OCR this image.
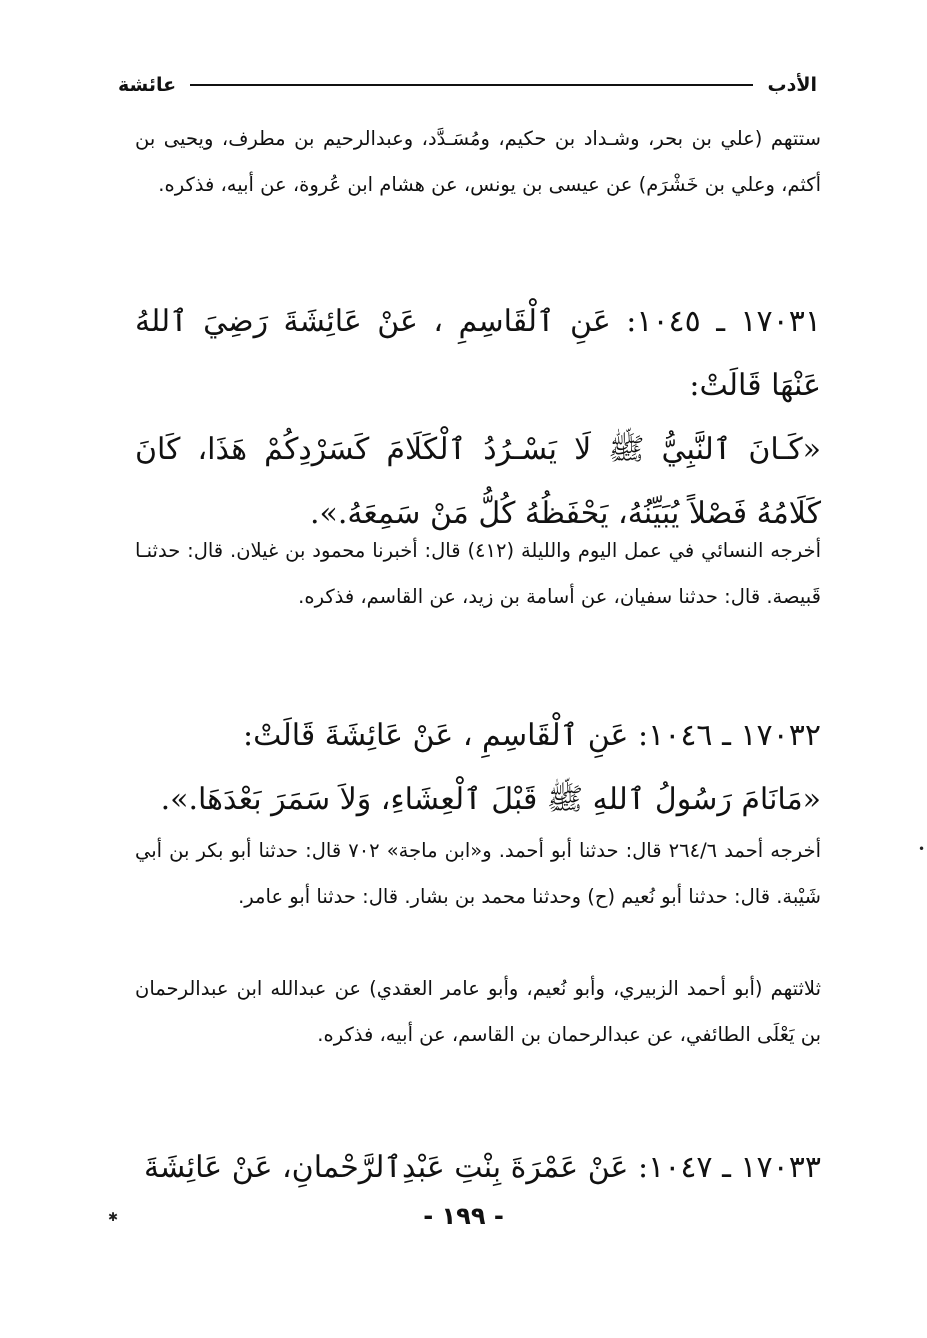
الأدب
عائشة

ستتهم (علي بن بحر، وشـداد بن حكيم، ومُسَـدَّد، وعبدالرحيم بن مطرف، ويحيى بن أكثم، وعلي بن خَشْرَم) عن عيسى بن يونس، عن هشام ابن عُروة، عن أبيه، فذكره.

١٧٠٣١ ـ ١٠٤٥: عَنِ ٱلْقَاسِمِ ، عَنْ عَائِشَةَ رَضِيَ ٱللهُ عَنْهَا قَالَتْ:

«كَـانَ ٱلنَّبِيُّ ﷺ لَا يَسْـرُدُ ٱلْكَلَامَ كَسَرْدِكُمْ هَذَا، كَانَ كَلَامُهُ فَصْلاً يُبَيِّنُهُ، يَحْفَظُهُ كُلُّ مَنْ سَمِعَهُ.».

أخرجه النسائي في عمل اليوم والليلة (٤١٢) قال: أخبرنا محمود بن غيلان. قال: حدثنـا قَبيصة. قال: حدثنا سفيان، عن أسامة بن زيد، عن القاسم، فذكره.

١٧٠٣٢ ـ ١٠٤٦: عَنِ ٱلْقَاسِمِ ، عَنْ عَائِشَةَ قَالَتْ:

«مَانَامَ رَسُولُ ٱللهِ ﷺ قَبْلَ ٱلْعِشَاءِ، وَلاَ سَمَرَ بَعْدَهَا.».

أخرجه أحمد ٢٦٤/٦ قال: حدثنا أبو أحمد. و«ابن ماجة» ٧٠٢ قال: حدثنا أبو بكر بن أبي شَيْبة. قال: حدثنا أبو نُعيم (ح) وحدثنا محمد بن بشار. قال: حدثنا أبو عامر.

ثلاثتهم (أبو أحمد الزبيري، وأبو نُعيم، وأبو عامر العقدي) عن عبدالله ابن عبدالرحمان بن يَعْلَى الطائفي، عن عبدالرحمان بن القاسم، عن أبيه، فذكره.

١٧٠٣٣ ـ ١٠٤٧: عَنْ عَمْرَةَ بِنْتِ عَبْدِٱلرَّحْمانِ، عَنْ عَائِشَةَ

- ١٩٩ -
✱
•
